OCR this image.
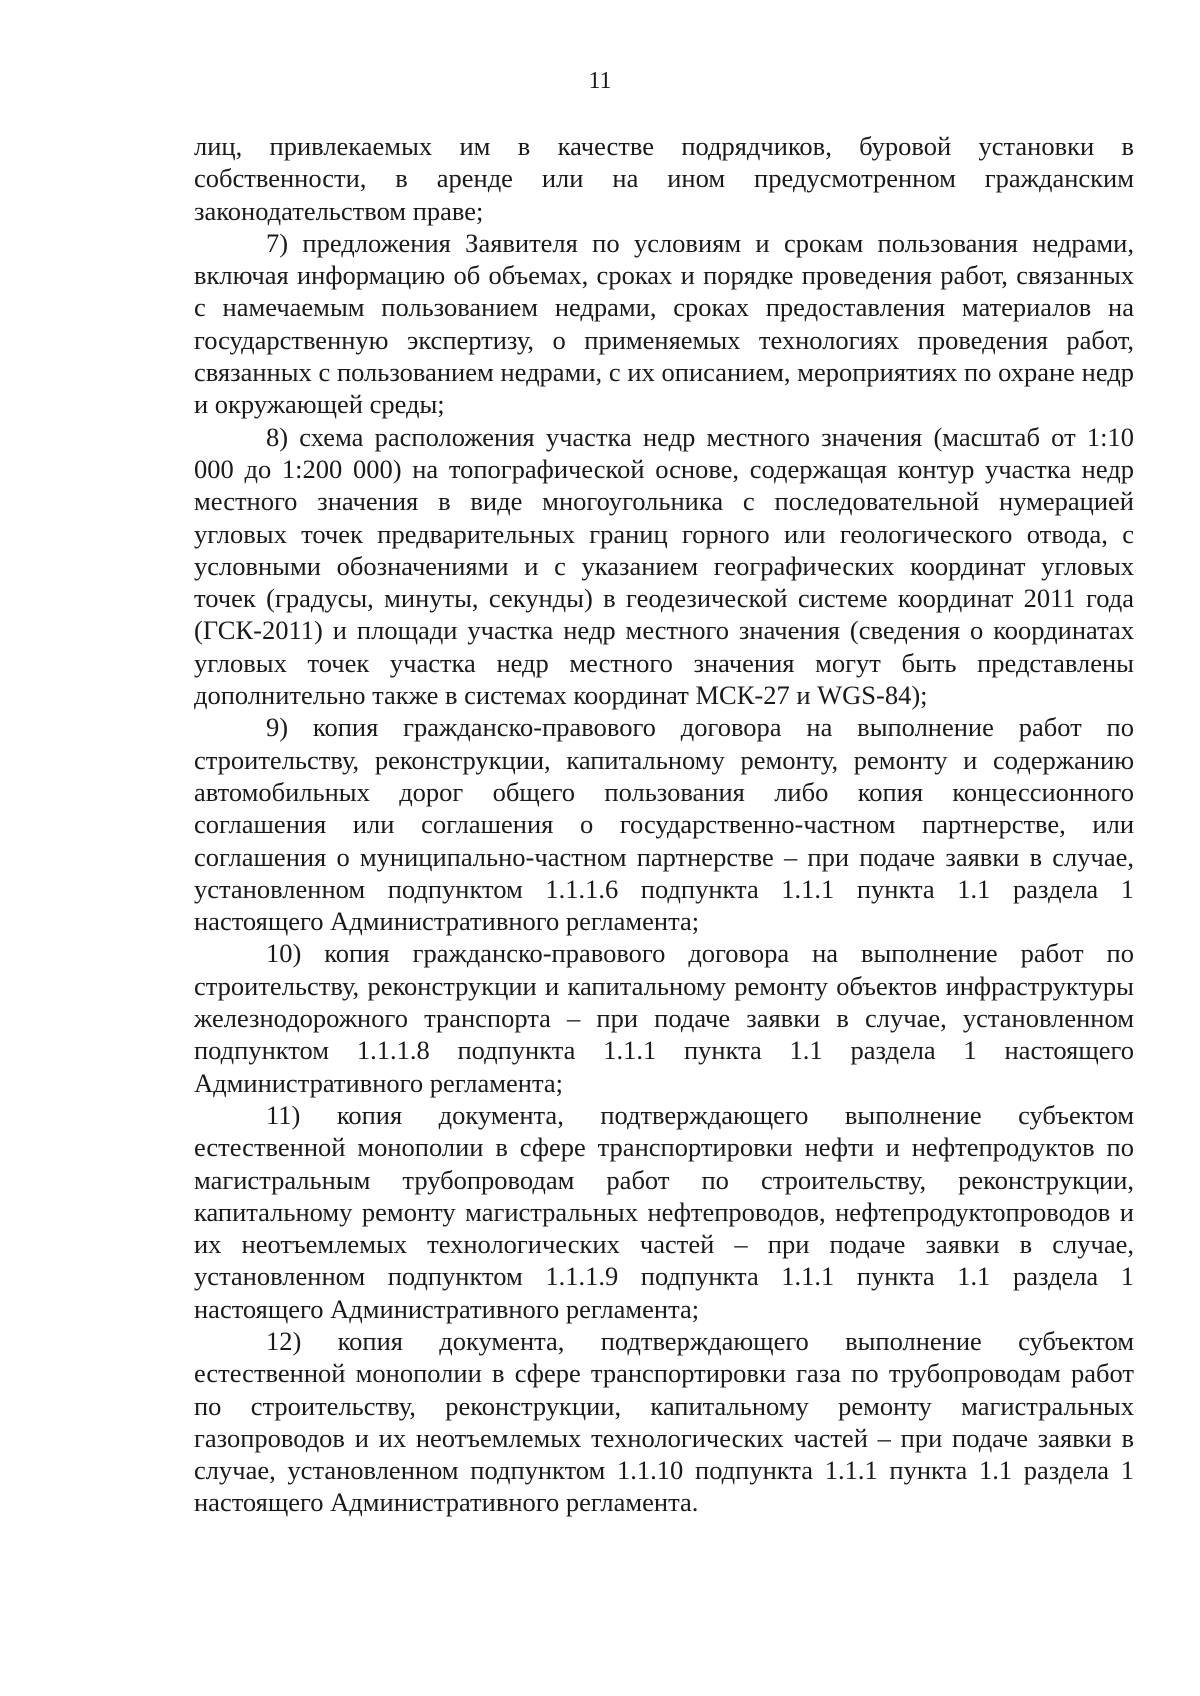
11

лиц, привлекаемых им в качестве подрядчиков, буровой установки в собственности, в аренде или на ином предусмотренном гражданским законодательством праве;

7) предложения Заявителя по условиям и срокам пользования недрами, включая информацию об объемах, сроках и порядке проведения работ, связанных с намечаемым пользованием недрами, сроках предоставления материалов на государственную экспертизу, о применяемых технологиях проведения работ, связанных с пользованием недрами, с их описанием, мероприятиях по охране недр и окружающей среды;

8) схема расположения участка недр местного значения (масштаб от 1:10 000 до 1:200 000) на топографической основе, содержащая контур участка недр местного значения в виде многоугольника с последовательной нумерацией угловых точек предварительных границ горного или геологического отвода, с условными обозначениями и с указанием географических координат угловых точек (градусы, минуты, секунды) в геодезической системе координат 2011 года (ГСК-2011) и площади участка недр местного значения (сведения о координатах угловых точек участка недр местного значения могут быть представлены дополнительно также в системах координат МСК-27 и WGS-84);

9) копия гражданско-правового договора на выполнение работ по строительству, реконструкции, капитальному ремонту, ремонту и содержанию автомобильных дорог общего пользования либо копия концессионного соглашения или соглашения о государственно-частном партнерстве, или соглашения о муниципально-частном партнерстве – при подаче заявки в случае, установленном подпунктом 1.1.1.6 подпункта 1.1.1 пункта 1.1 раздела 1 настоящего Административного регламента;

10) копия гражданско-правового договора на выполнение работ по строительству, реконструкции и капитальному ремонту объектов инфраструктуры железнодорожного транспорта – при подаче заявки в случае, установленном подпунктом 1.1.1.8 подпункта 1.1.1 пункта 1.1 раздела 1 настоящего Административного регламента;

11) копия документа, подтверждающего выполнение субъектом естественной монополии в сфере транспортировки нефти и нефтепродуктов по магистральным трубопроводам работ по строительству, реконструкции, капитальному ремонту магистральных нефтепроводов, нефтепродуктопроводов и их неотъемлемых технологических частей – при подаче заявки в случае, установленном подпунктом 1.1.1.9 подпункта 1.1.1 пункта 1.1 раздела 1 настоящего Административного регламента;

12) копия документа, подтверждающего выполнение субъектом естественной монополии в сфере транспортировки газа по трубопроводам работ по строительству, реконструкции, капитальному ремонту магистральных газопроводов и их неотъемлемых технологических частей – при подаче заявки в случае, установленном подпунктом 1.1.10 подпункта 1.1.1 пункта 1.1 раздела 1 настоящего Административного регламента.
